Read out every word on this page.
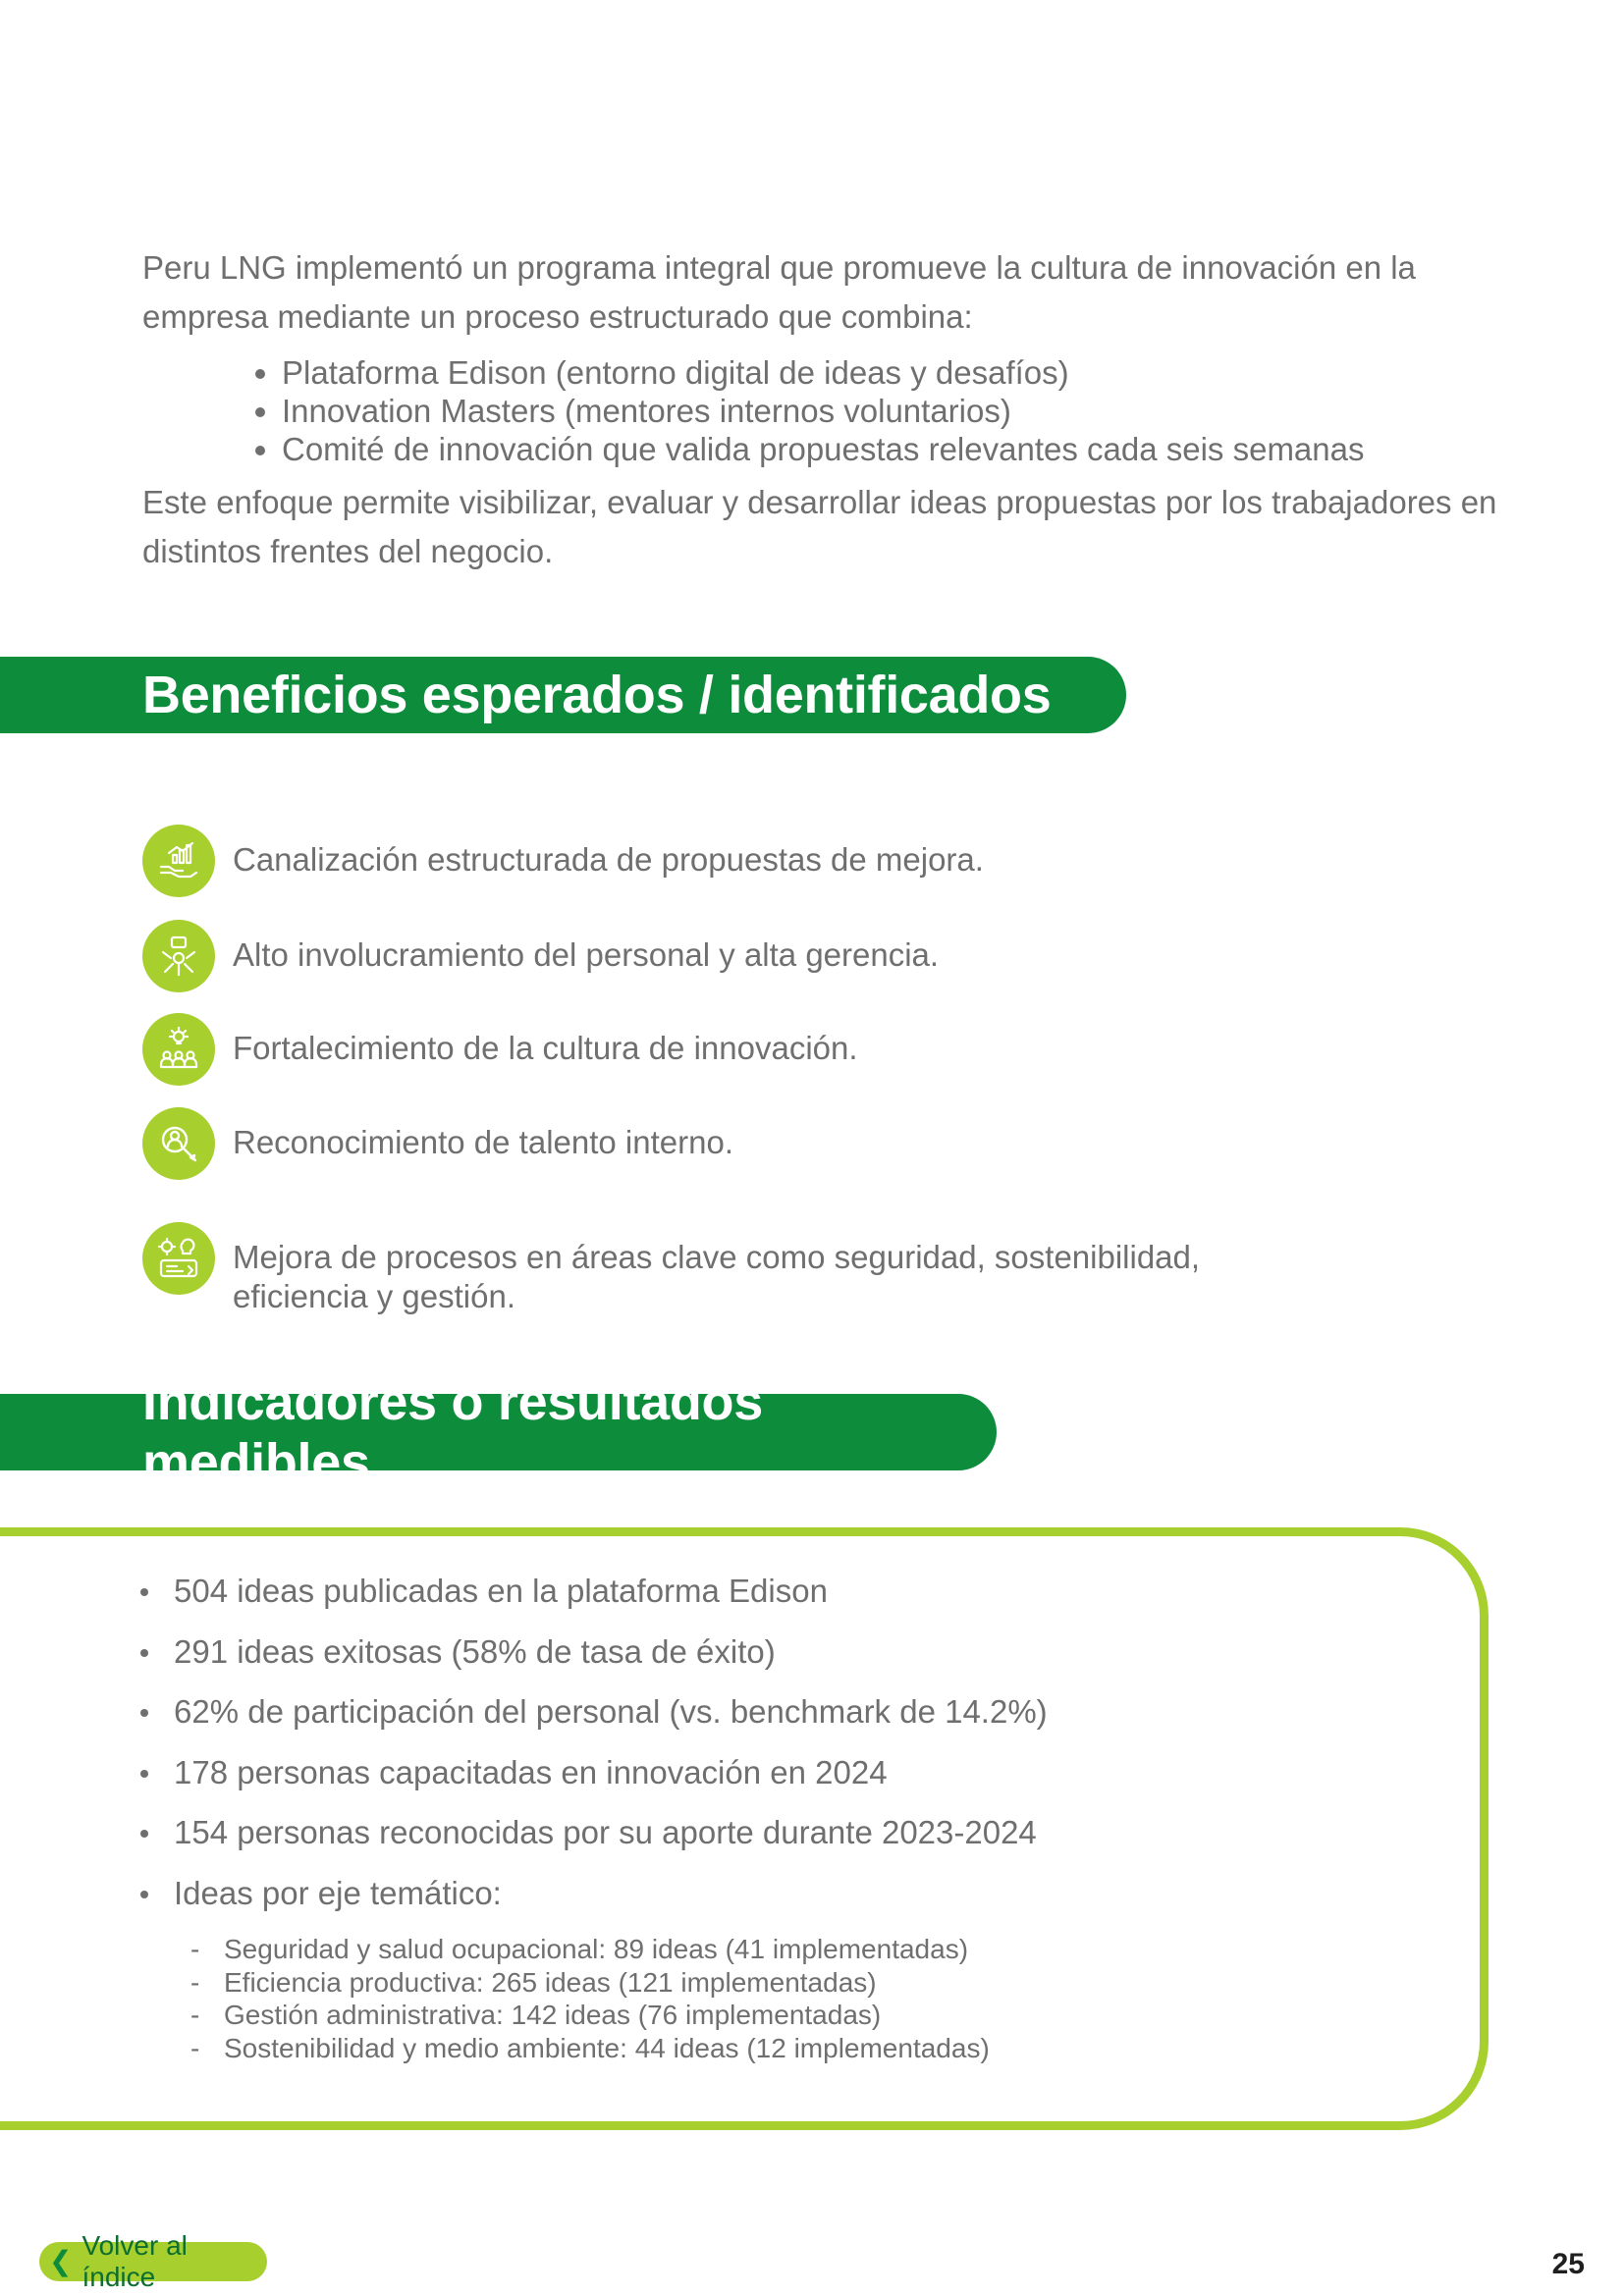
Peru LNG implementó un programa integral que promueve la cultura de innovación en la empresa mediante un proceso estructurado que combina:

• Plataforma Edison (entorno digital de ideas y desafíos)
• Innovation Masters (mentores internos voluntarios)
• Comité de innovación que valida propuestas relevantes cada seis semanas

Este enfoque permite visibilizar, evaluar y desarrollar ideas propuestas por los trabajadores en distintos frentes del negocio.

Beneficios esperados / identificados
Canalización estructurada de propuestas de mejora.
Alto involucramiento del personal y alta gerencia.
Fortalecimiento de la cultura de innovación.
Reconocimiento de talento interno.
Mejora de procesos en áreas clave como seguridad, sostenibilidad, eficiencia y gestión.
Indicadores o resultados medibles
504 ideas publicadas en la plataforma Edison
291 ideas exitosas (58% de tasa de éxito)
62% de participación del personal (vs. benchmark de 14.2%)
178 personas capacitadas en innovación en 2024
154 personas reconocidas por su aporte durante 2023-2024
Ideas por eje temático:
- Seguridad y salud ocupacional: 89 ideas (41 implementadas)
- Eficiencia productiva: 265 ideas (121 implementadas)
- Gestión administrativa: 142 ideas (76 implementadas)
- Sostenibilidad y medio ambiente: 44 ideas (12 implementadas)
❮
Volver al índice	25
